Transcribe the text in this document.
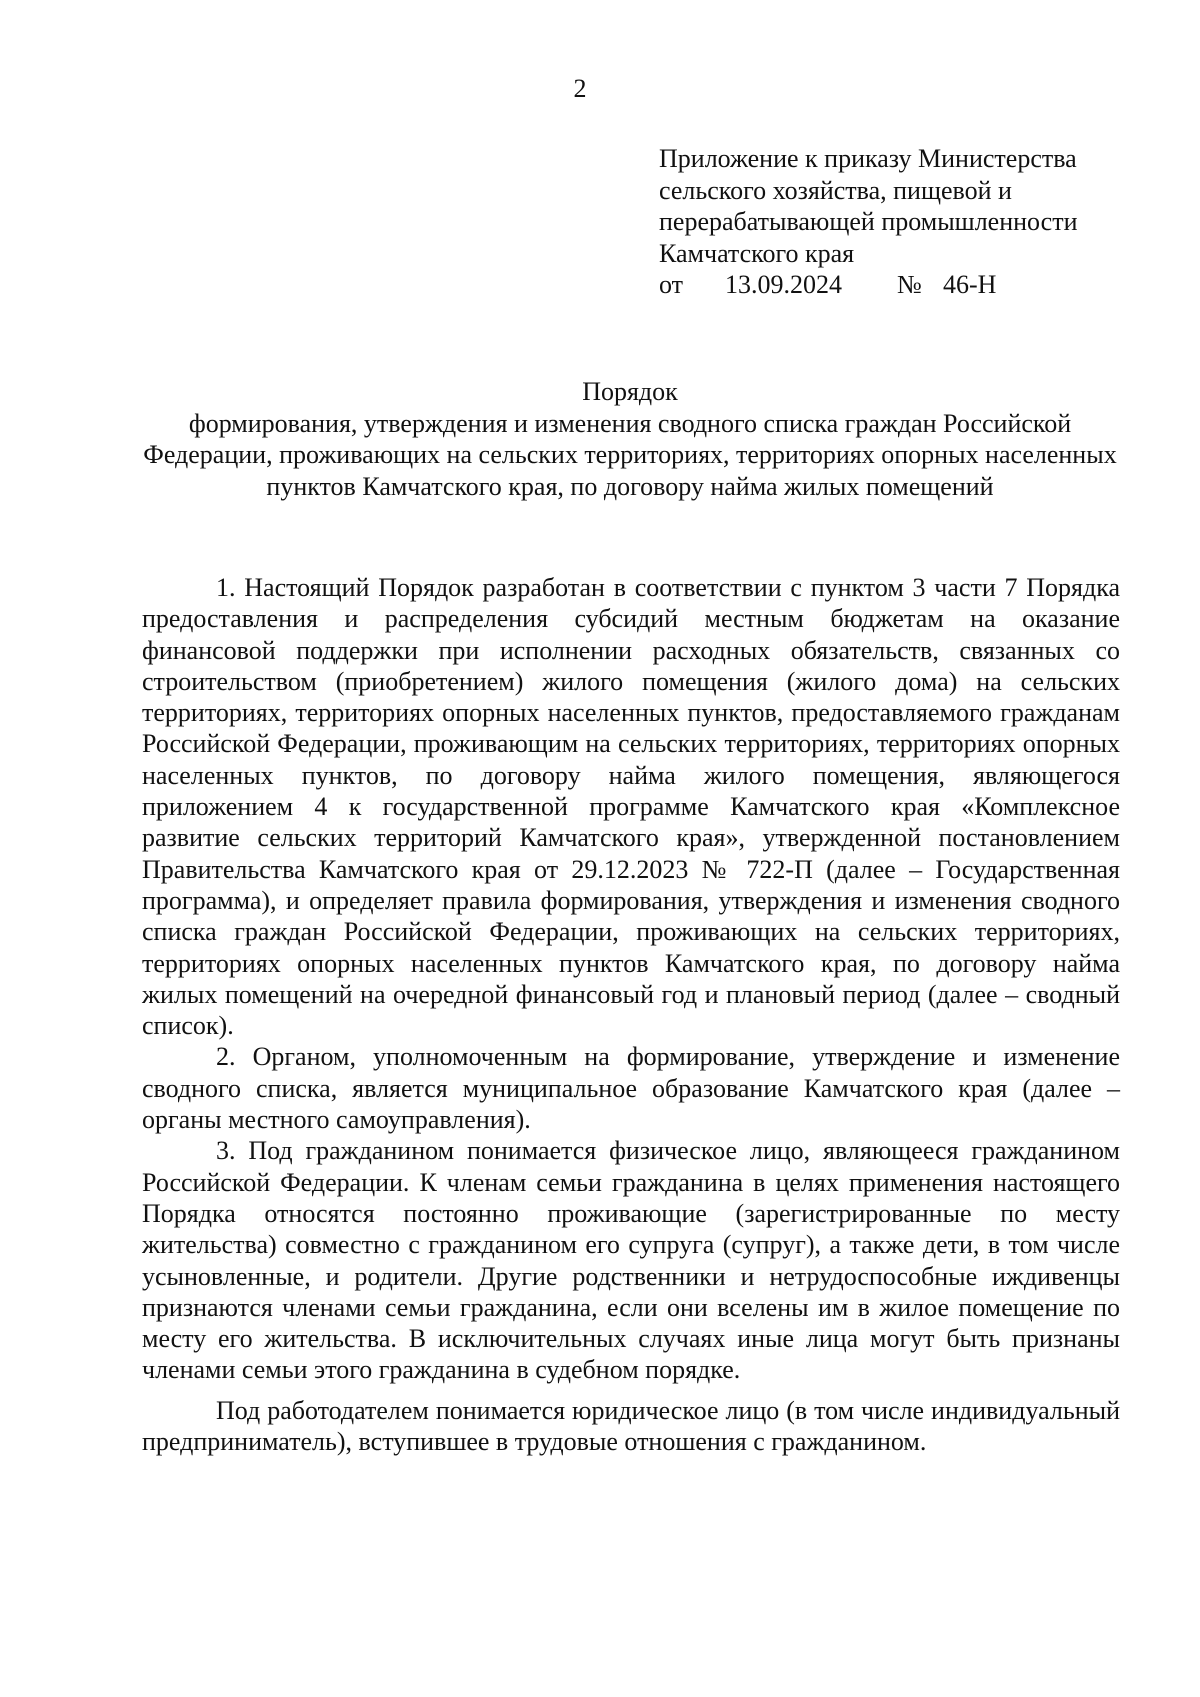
2
Приложение к приказу Министерства
сельского хозяйства, пищевой и
перерабатывающей промышленности
Камчатского края
от 13.09.2024 № 46-Н
Порядок
формирования, утверждения и изменения сводного списка граждан Российской Федерации, проживающих на сельских территориях, территориях опорных населенных пунктов Камчатского края, по договору найма жилых помещений

1. Настоящий Порядок разработан в соответствии с пунктом 3 части 7 Порядка предоставления и распределения субсидий местным бюджетам на оказание финансовой поддержки при исполнении расходных обязательств, связанных со строительством (приобретением) жилого помещения (жилого дома) на сельских территориях, территориях опорных населенных пунктов, предоставляемого гражданам Российской Федерации, проживающим на сельских территориях, территориях опорных населенных пунктов, по договору найма жилого помещения, являющегося приложением 4 к государственной программе Камчатского края «Комплексное развитие сельских территорий Камчатского края», утвержденной постановлением Правительства Камчатского края от 29.12.2023 № 722-П (далее – Государственная программа), и определяет правила формирования, утверждения и изменения сводного списка граждан Российской Федерации, проживающих на сельских территориях, территориях опорных населенных пунктов Камчатского края, по договору найма жилых помещений на очередной финансовый год и плановый период (далее – сводный список).

2. Органом, уполномоченным на формирование, утверждение и изменение сводного списка, является муниципальное образование Камчатского края (далее – органы местного самоуправления).

3. Под гражданином понимается физическое лицо, являющееся гражданином Российской Федерации. К членам семьи гражданина в целях применения настоящего Порядка относятся постоянно проживающие (зарегистрированные по месту жительства) совместно с гражданином его супруга (супруг), а также дети, в том числе усыновленные, и родители. Другие родственники и нетрудоспособные иждивенцы признаются членами семьи гражданина, если они вселены им в жилое помещение по месту его жительства. В исключительных случаях иные лица могут быть признаны членами семьи этого гражданина в судебном порядке.

Под работодателем понимается юридическое лицо (в том числе индивидуальный предприниматель), вступившее в трудовые отношения с гражданином.
